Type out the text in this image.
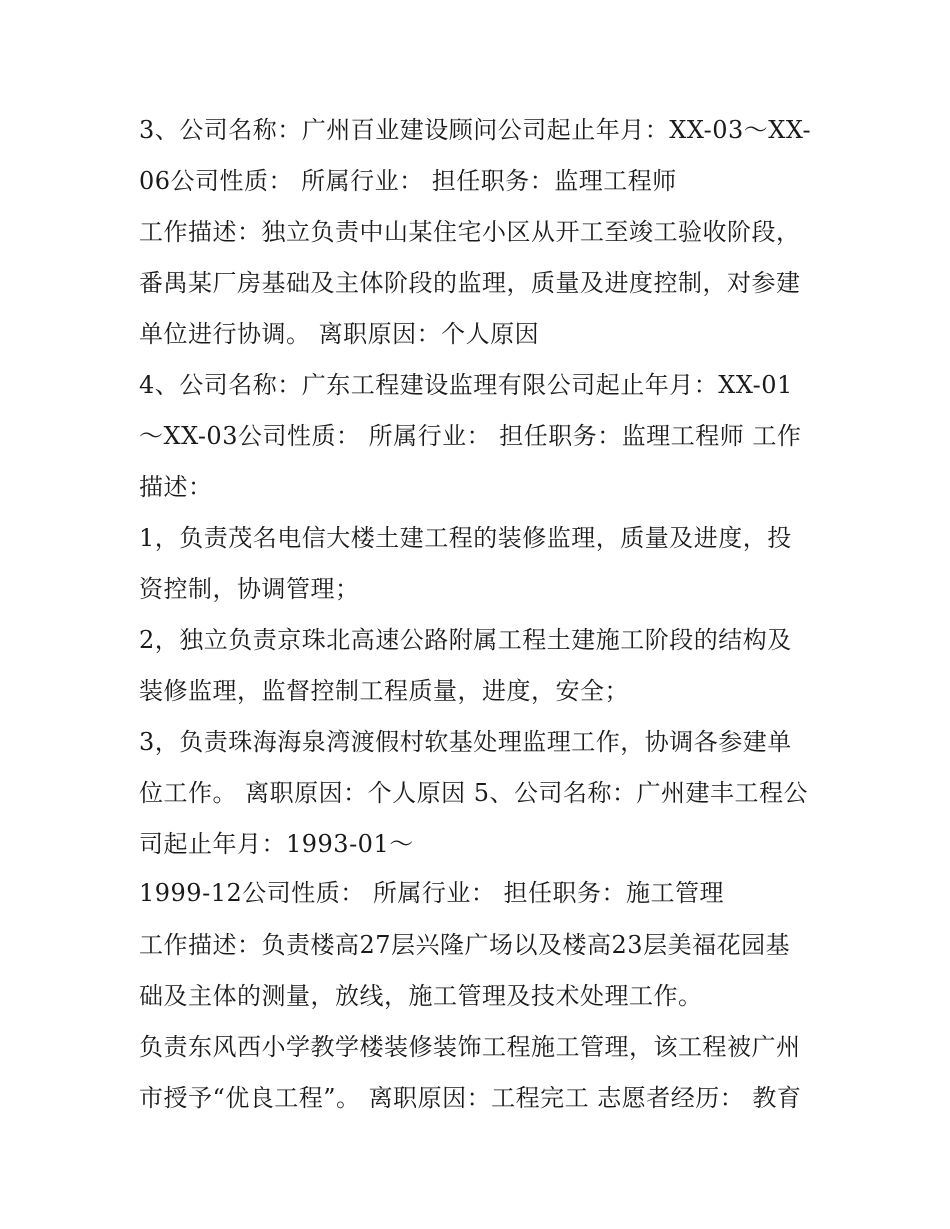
3、公司名称：广州百业建设顾问公司起止年月：XX-03～XX-
06公司性质： 所属行业： 担任职务：监理工程师
工作描述：独立负责中山某住宅小区从开工至竣工验收阶段，
番禺某厂房基础及主体阶段的监理，质量及进度控制，对参建
单位进行协调。 离职原因：个人原因
4、公司名称：广东工程建设监理有限公司起止年月：XX-01
～XX-03公司性质： 所属行业： 担任职务：监理工程师 工作
描述：
1，负责茂名电信大楼土建工程的装修监理，质量及进度，投
资控制，协调管理；
2，独立负责京珠北高速公路附属工程土建施工阶段的结构及
装修监理，监督控制工程质量，进度，安全；
3，负责珠海海泉湾渡假村软基处理监理工作，协调各参建单
位工作。 离职原因：个人原因 5、公司名称：广州建丰工程公
司起止年月：1993-01～
1999-12公司性质： 所属行业： 担任职务：施工管理
工作描述：负责楼高27层兴隆广场以及楼高23层美福花园基
础及主体的测量，放线，施工管理及技术处理工作。
负责东风西小学教学楼装修装饰工程施工管理，该工程被广州
市授予“优良工程”。 离职原因：工程完工 志愿者经历： 教育
